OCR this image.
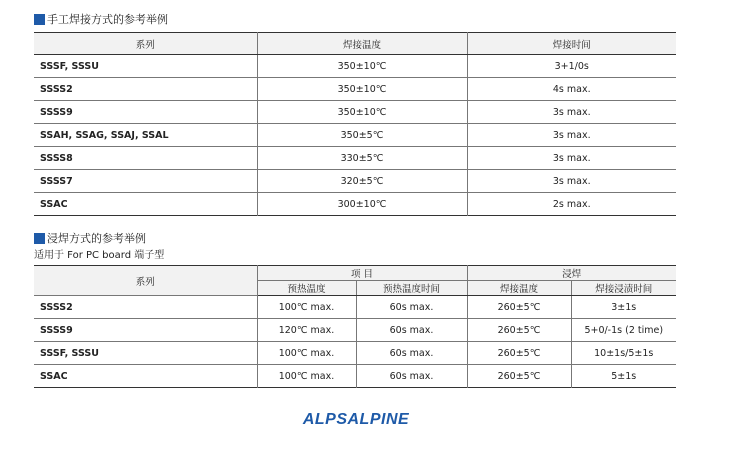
手工焊接方式的参考举例
系列	焊接温度	焊接时间
SSSF, SSSU	350±10℃	3+1/0s
SSSS2	350±10℃	4s max.
SSSS9	350±10℃	3s max.
SSAH, SSAG, SSAJ, SSAL	350±5℃	3s max.
SSSS8	330±5℃	3s max.
SSSS7	320±5℃	3s max.
SSAC	300±10℃	2s max.
浸焊方式的参考举例
适用于 For PC board 端子型
系列	项 目		浸焊	
	预热温度	预热温度时间	焊接温度	焊接浸渍时间
SSSS2	100℃ max.	60s max.	260±5℃	3±1s
SSSS9	120℃ max.	60s max.	260±5℃	5+0/-1s (2 time)
SSSF, SSSU	100℃ max.	60s max.	260±5℃	10±1s/5±1s
SSAC	100℃ max.	60s max.	260±5℃	5±1s
ALPSALPINE
